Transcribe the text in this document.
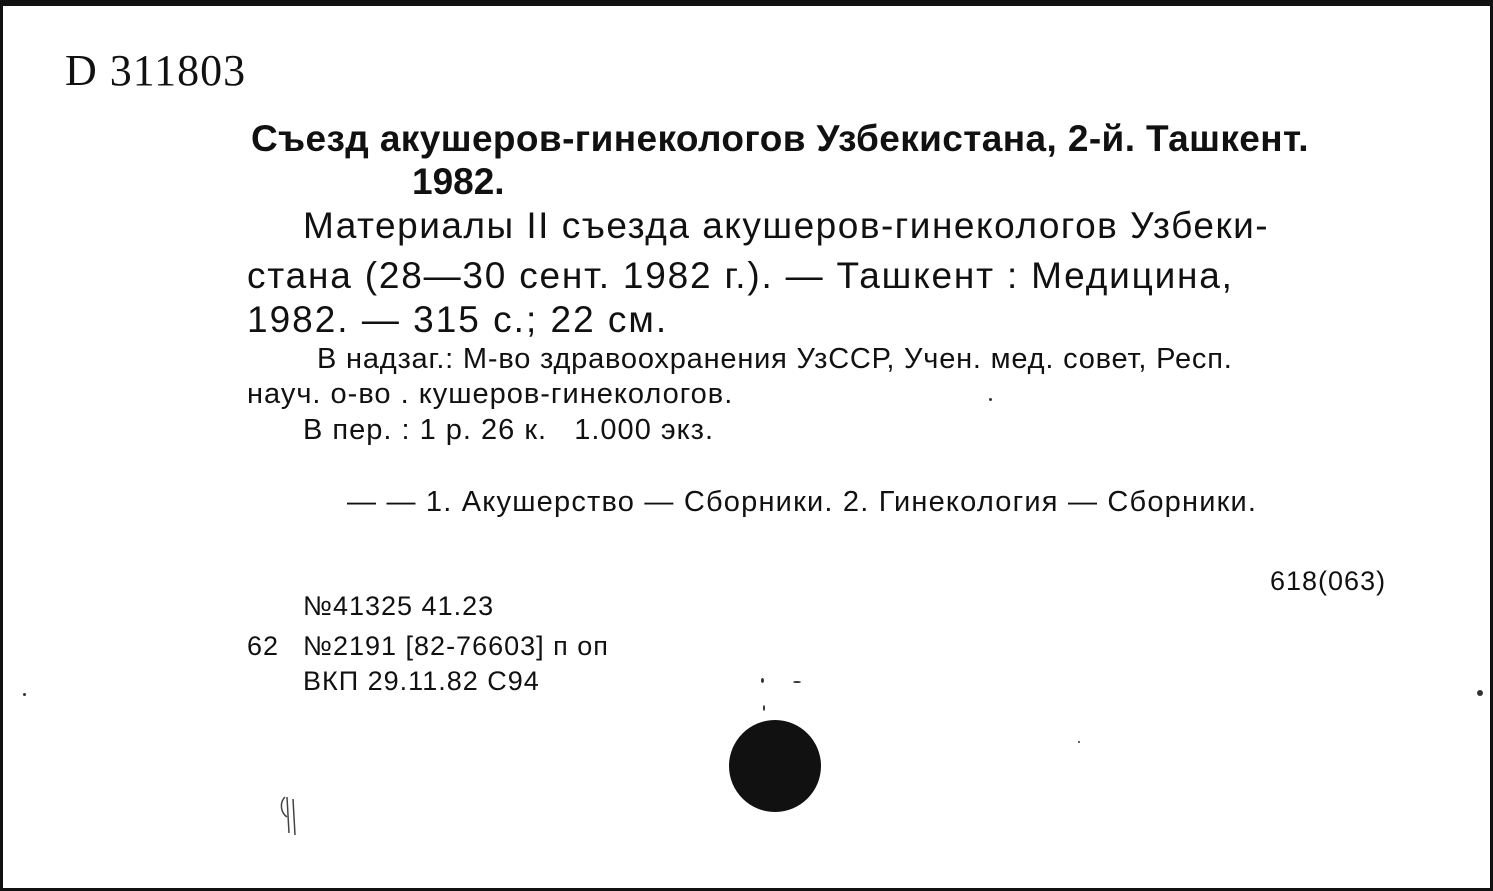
D 311803
Съезд акушеров-гинекологов Узбекистана, 2-й. Ташкент.
1982.
Материалы II съезда акушеров-гинекологов Узбеки-
стана (28—30 сент. 1982 г.). — Ташкент : Медицина,
1982. — 315 с.; 22 см.
В надзаг.: М-во здравоохранения УзССР, Учен. мед. совет, Респ.
науч. о-во . кушеров-гинекологов.
В пер. : 1 р. 26 к.   1.000 экз.
— — 1. Акушерство — Сборники. 2. Гинекология — Сборники.
618(063)
№41325 41.23
62 №2191 [82-76603] п оп
ВКП 29.11.82 С94
